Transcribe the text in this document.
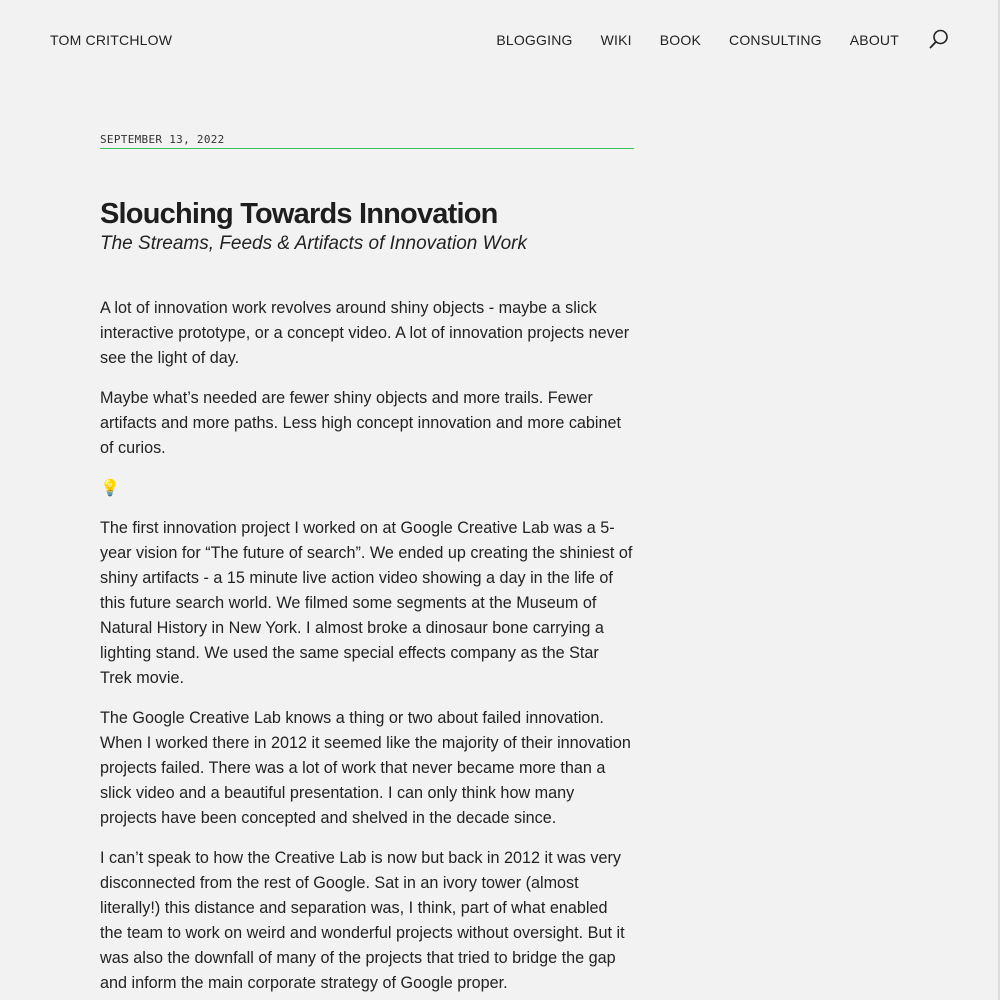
TOM CRITCHLOW	BLOGGING WIKI BOOK CONSULTING ABOUT
SEPTEMBER 13, 2022
Slouching Towards Innovation
The Streams, Feeds & Artifacts of Innovation Work

A lot of innovation work revolves around shiny objects - maybe a slick interactive prototype, or a concept video. A lot of innovation projects never see the light of day.

Maybe what’s needed are fewer shiny objects and more trails. Fewer artifacts and more paths. Less high concept innovation and more cabinet of curios.

💡

The first innovation project I worked on at Google Creative Lab was a 5-year vision for “The future of search”. We ended up creating the shiniest of shiny artifacts - a 15 minute live action video showing a day in the life of this future search world. We filmed some segments at the Museum of Natural History in New York. I almost broke a dinosaur bone carrying a lighting stand. We used the same special effects company as the Star Trek movie.

The Google Creative Lab knows a thing or two about failed innovation. When I worked there in 2012 it seemed like the majority of their innovation projects failed. There was a lot of work that never became more than a slick video and a beautiful presentation. I can only think how many projects have been concepted and shelved in the decade since.

I can’t speak to how the Creative Lab is now but back in 2012 it was very disconnected from the rest of Google. Sat in an ivory tower (almost literally!) this distance and separation was, I think, part of what enabled the team to work on weird and wonderful projects without oversight. But it was also the downfall of many of the projects that tried to bridge the gap and inform the main corporate strategy of Google proper.
